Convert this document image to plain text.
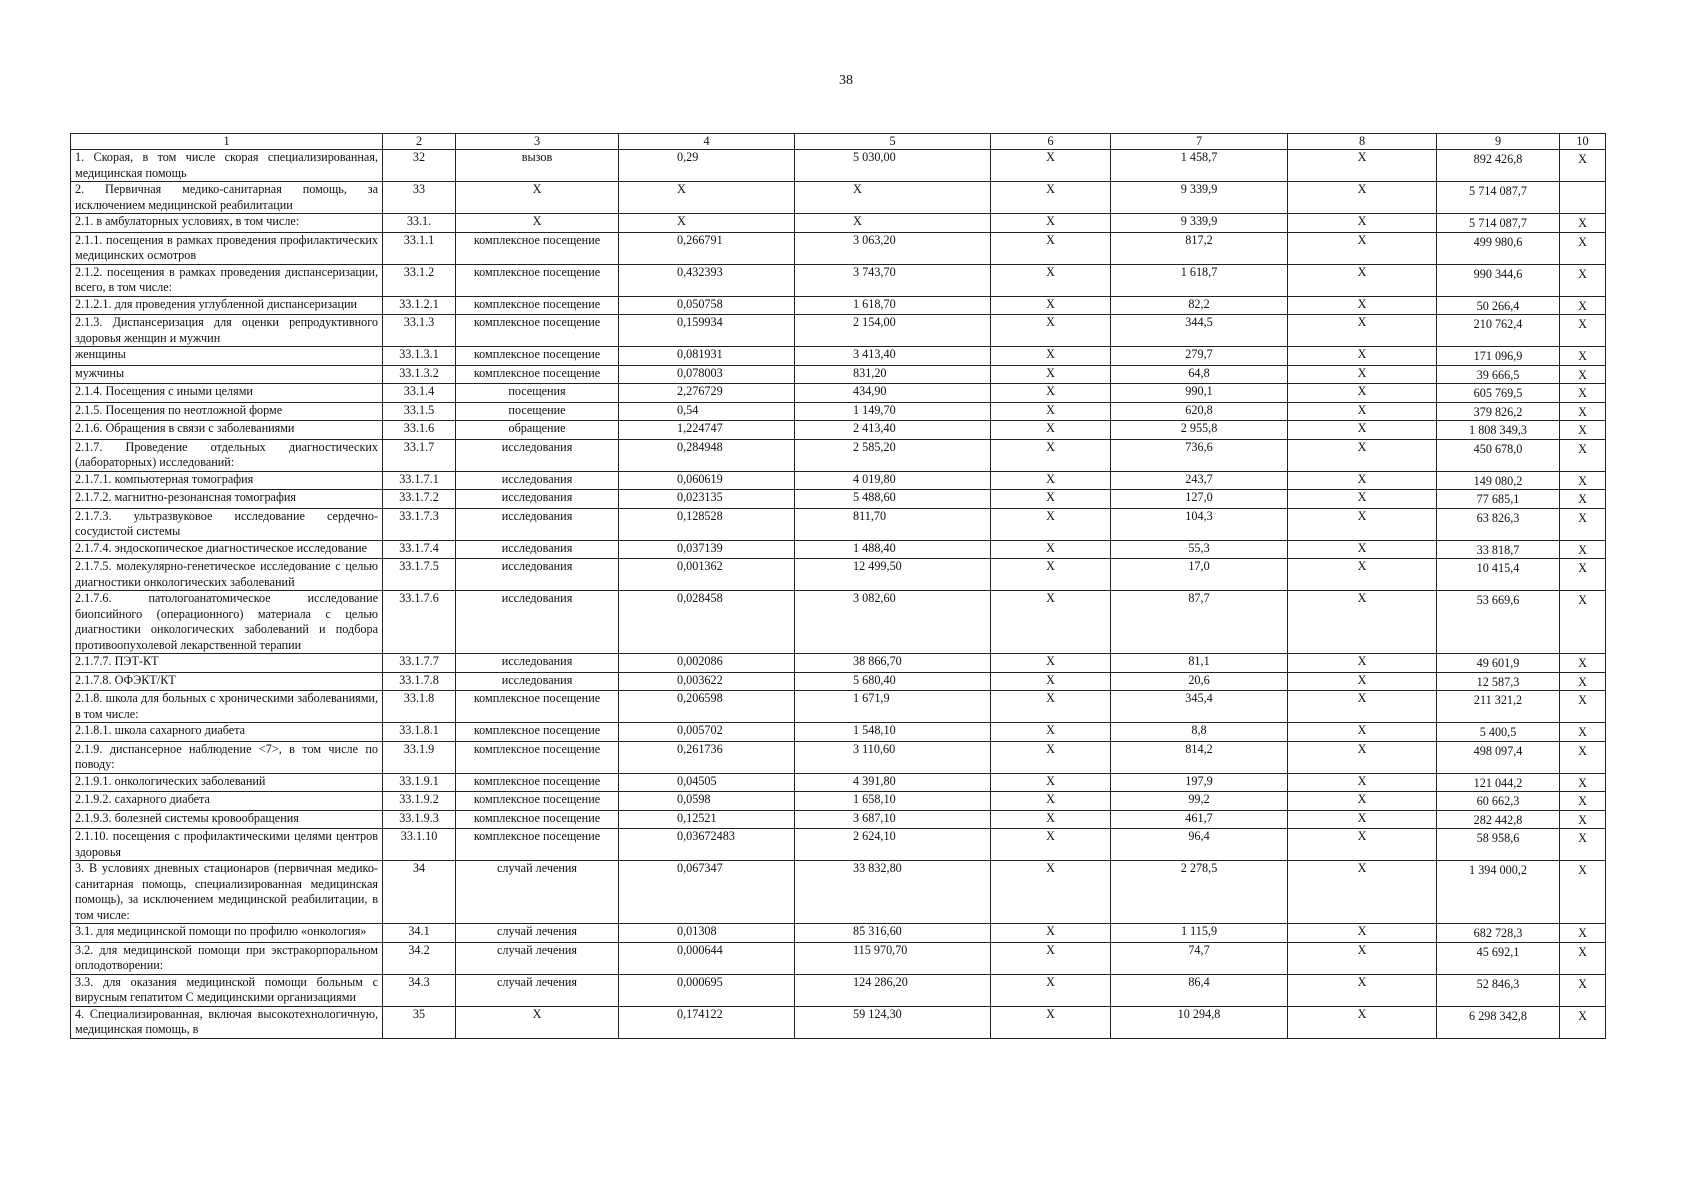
38
1	2	3	4	5	6	7	8	9	10
1. Скорая, в том числе скорая специализированная, медицинская помощь	32	вызов	0,29	5 030,00	Х	1 458,7	Х	892 426,8	Х
2. Первичная медико-санитарная помощь, за исключением медицинской реабилитации	33	Х	Х	Х	Х	9 339,9	Х	5 714 087,7	
2.1. в амбулаторных условиях, в том числе:	33.1.	Х	Х	Х	Х	9 339,9	Х	5 714 087,7	Х
2.1.1. посещения в рамках проведения профилактических медицинских осмотров	33.1.1	комплексное посещение	0,266791	3 063,20	Х	817,2	Х	499 980,6	Х
2.1.2. посещения в рамках проведения диспансеризации, всего, в том числе:	33.1.2	комплексное посещение	0,432393	3 743,70	Х	1 618,7	Х	990 344,6	Х
2.1.2.1. для проведения углубленной диспансеризации	33.1.2.1	комплексное посещение	0,050758	1 618,70	Х	82,2	Х	50 266,4	Х
2.1.3. Диспансеризация для оценки репродуктивного здоровья женщин и мужчин	33.1.3	комплексное посещение	0,159934	2 154,00	Х	344,5	Х	210 762,4	Х
женщины	33.1.3.1	комплексное посещение	0,081931	3 413,40	Х	279,7	Х	171 096,9	Х
мужчины	33.1.3.2	комплексное посещение	0,078003	831,20	Х	64,8	Х	39 666,5	Х
2.1.4. Посещения с иными целями	33.1.4	посещения	2,276729	434,90	Х	990,1	Х	605 769,5	Х
2.1.5. Посещения по неотложной форме	33.1.5	посещение	0,54	1 149,70	Х	620,8	Х	379 826,2	Х
2.1.6. Обращения в связи с заболеваниями	33.1.6	обращение	1,224747	2 413,40	Х	2 955,8	Х	1 808 349,3	Х
2.1.7. Проведение отдельных диагностических (лабораторных) исследований:	33.1.7	исследования	0,284948	2 585,20	Х	736,6	Х	450 678,0	Х
2.1.7.1. компьютерная томография	33.1.7.1	исследования	0,060619	4 019,80	Х	243,7	Х	149 080,2	Х
2.1.7.2. магнитно-резонансная томография	33.1.7.2	исследования	0,023135	5 488,60	Х	127,0	Х	77 685,1	Х
2.1.7.3. ультразвуковое исследование сердечно-сосудистой системы	33.1.7.3	исследования	0,128528	811,70	Х	104,3	Х	63 826,3	Х
2.1.7.4. эндоскопическое диагностическое исследование	33.1.7.4	исследования	0,037139	1 488,40	Х	55,3	Х	33 818,7	Х
2.1.7.5. молекулярно-генетическое исследование с целью диагностики онкологических заболеваний	33.1.7.5	исследования	0,001362	12 499,50	Х	17,0	Х	10 415,4	Х
2.1.7.6. патологоанатомическое исследование биопсийного (операционного) материала с целью диагностики онкологических заболеваний и подбора противоопухолевой лекарственной терапии	33.1.7.6	исследования	0,028458	3 082,60	Х	87,7	Х	53 669,6	Х
2.1.7.7. ПЭТ-КТ	33.1.7.7	исследования	0,002086	38 866,70	Х	81,1	Х	49 601,9	Х
2.1.7.8. ОФЭКТ/КТ	33.1.7.8	исследования	0,003622	5 680,40	Х	20,6	Х	12 587,3	Х
2.1.8. школа для больных с хроническими заболеваниями, в том числе:	33.1.8	комплексное посещение	0,206598	1 671,9	Х	345,4	Х	211 321,2	Х
2.1.8.1. школа сахарного диабета	33.1.8.1	комплексное посещение	0,005702	1 548,10	Х	8,8	Х	5 400,5	Х
2.1.9. диспансерное наблюдение <7>, в том числе по поводу:	33.1.9	комплексное посещение	0,261736	3 110,60	Х	814,2	Х	498 097,4	Х
2.1.9.1. онкологических заболеваний	33.1.9.1	комплексное посещение	0,04505	4 391,80	Х	197,9	Х	121 044,2	Х
2.1.9.2. сахарного диабета	33.1.9.2	комплексное посещение	0,0598	1 658,10	Х	99,2	Х	60 662,3	Х
2.1.9.3. болезней системы кровообращения	33.1.9.3	комплексное посещение	0,12521	3 687,10	Х	461,7	Х	282 442,8	Х
2.1.10. посещения с профилактическими целями центров здоровья	33.1.10	комплексное посещение	0,03672483	2 624,10	Х	96,4	Х	58 958,6	Х
3. В условиях дневных стационаров (первичная медико-санитарная помощь, специализированная медицинская помощь), за исключением медицинской реабилитации, в том числе:	34	случай лечения	0,067347	33 832,80	Х	2 278,5	Х	1 394 000,2	Х
3.1. для медицинской помощи по профилю «онкология»	34.1	случай лечения	0,01308	85 316,60	Х	1 115,9	Х	682 728,3	Х
3.2. для медицинской помощи при экстракорпоральном оплодотворении:	34.2	случай лечения	0,000644	115 970,70	Х	74,7	Х	45 692,1	Х
3.3. для оказания медицинской помощи больным с вирусным гепатитом С медицинскими организациями	34.3	случай лечения	0,000695	124 286,20	Х	86,4	Х	52 846,3	Х
4. Специализированная, включая высокотехнологичную, медицинская помощь, в	35	Х	0,174122	59 124,30	Х	10 294,8	Х	6 298 342,8	Х
